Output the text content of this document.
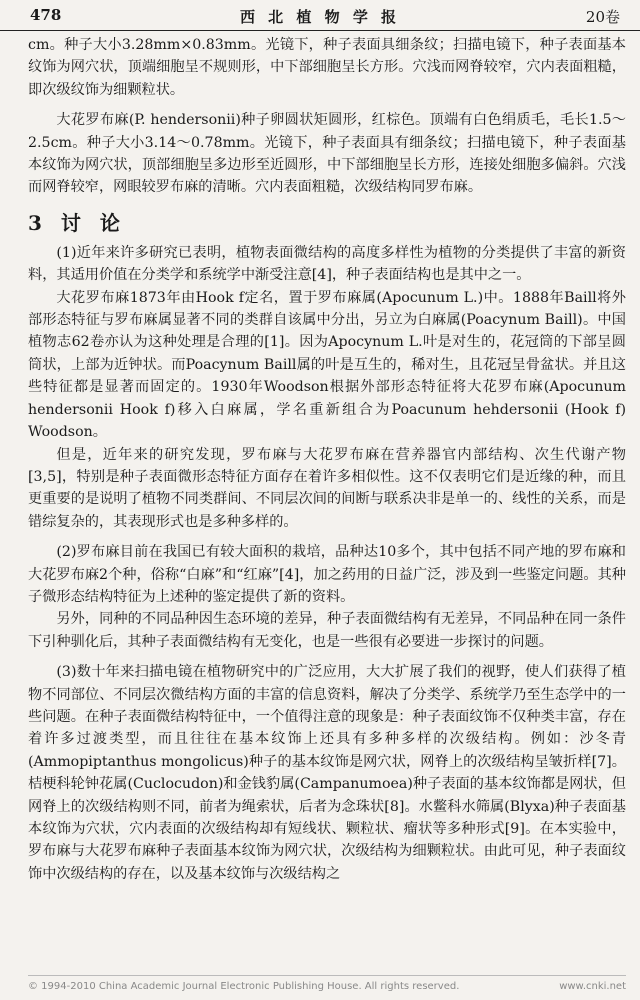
478	西 北 植 物 学 报	20卷

cm。种子大小3.28mm×0.83mm。光镜下，种子表面具细条纹；扫描电镜下，种子表面基本纹饰为网穴状，顶端细胞呈不规则形，中下部细胞呈长方形。穴浅而网脊较窄，穴内表面粗糙，即次级纹饰为细颗粒状。

大花罗布麻(P. hendersonii)种子卵圆状矩圆形，红棕色。顶端有白色绢质毛，毛长1.5～2.5cm。种子大小3.14～0.78mm。光镜下，种子表面具有细条纹；扫描电镜下，种子表面基本纹饰为网穴状，顶部细胞呈多边形至近圆形，中下部细胞呈长方形，连接处细胞多偏斜。穴浅而网脊较窄，网眼较罗布麻的清晰。穴内表面粗糙，次级结构同罗布麻。

3 讨 论

(1)近年来许多研究已表明，植物表面微结构的高度多样性为植物的分类提供了丰富的新资料，其适用价值在分类学和系统学中渐受注意[4]，种子表面结构也是其中之一。

大花罗布麻1873年由Hook f定名，置于罗布麻属(Apocunum L.)中。1888年Baill将外部形态特征与罗布麻属显著不同的类群自该属中分出，另立为白麻属(Poacynum Baill)。中国植物志62卷亦认为这种处理是合理的[1]。因为Apocynum L.叶是对生的，花冠筒的下部呈圆筒状，上部为近钟状。而Poacynum Baill属的叶是互生的，稀对生，且花冠呈骨盆状。并且这些特征都是显著而固定的。1930年Woodson根据外部形态特征将大花罗布麻(Apocunum hendersonii Hook f)移入白麻属，学名重新组合为Poacunum hehdersonii (Hook f) Woodson。

但是，近年来的研究发现，罗布麻与大花罗布麻在营养器官内部结构、次生代谢产物[3,5]，特别是种子表面微形态特征方面存在着许多相似性。这不仅表明它们是近缘的种，而且更重要的是说明了植物不同类群间、不同层次间的间断与联系决非是单一的、线性的关系，而是错综复杂的，其表现形式也是多种多样的。

(2)罗布麻目前在我国已有较大面积的栽培，品种达10多个，其中包括不同产地的罗布麻和大花罗布麻2个种，俗称“白麻”和“红麻”[4]，加之药用的日益广泛，涉及到一些鉴定问题。其种子微形态结构特征为上述种的鉴定提供了新的资料。

另外，同种的不同品种因生态环境的差异，种子表面微结构有无差异，不同品种在同一条件下引种驯化后，其种子表面微结构有无变化，也是一些很有必要进一步探讨的问题。

(3)数十年来扫描电镜在植物研究中的广泛应用，大大扩展了我们的视野，使人们获得了植物不同部位、不同层次微结构方面的丰富的信息资料，解决了分类学、系统学乃至生态学中的一些问题。在种子表面微结构特征中，一个值得注意的现象是：种子表面纹饰不仅种类丰富，存在着许多过渡类型，而且往往在基本纹饰上还具有多种多样的次级结构。例如：沙冬青(Ammopiptanthus mongolicus)种子的基本纹饰是网穴状，网脊上的次级结构呈皱折样[7]。桔梗科轮钟花属(Cuclocudon)和金钱豹属(Campanumoea)种子表面的基本纹饰都是网状，但网脊上的次级结构则不同，前者为绳索状，后者为念珠状[8]。水鳖科水筛属(Blyxa)种子表面基本纹饰为穴状，穴内表面的次级结构却有短线状、颗粒状、瘤状等多种形式[9]。在本实验中，罗布麻与大花罗布麻种子表面基本纹饰为网穴状，次级结构为细颗粒状。由此可见，种子表面纹饰中次级结构的存在，以及基本纹饰与次级结构之

© 1994-2010 China Academic Journal Electronic Publishing House. All rights reserved.	www.cnki.net
